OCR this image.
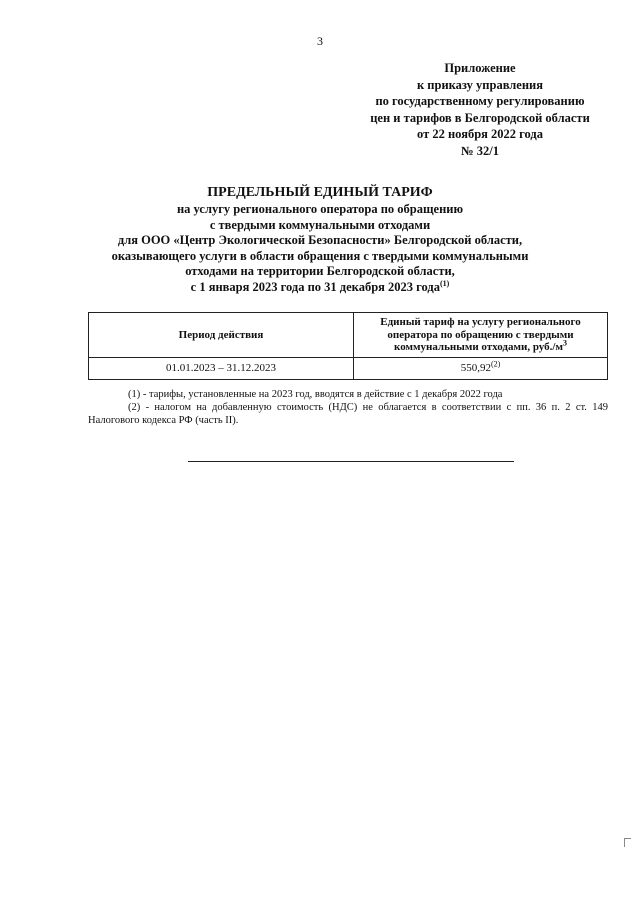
3
Приложение
к приказу управления
по государственному регулированию
цен и тарифов в Белгородской области
от 22 ноября 2022 года
№ 32/1
ПРЕДЕЛЬНЫЙ ЕДИНЫЙ ТАРИФ
на услугу регионального оператора по обращению
с твердыми коммунальными отходами
для ООО «Центр Экологической Безопасности» Белгородской области,
оказывающего услуги в области обращения с твердыми коммунальными
отходами на территории Белгородской области,
с 1 января 2023 года по 31 декабря 2023 года$^{(1)}$
Период действия	Единый тариф на услугу регионального оператора по обращению с твердыми коммунальными отходами, $руб./м^3$
01.01.2023 – 31.12.2023	550,92$^{(2)}$

(1) - тарифы, установленные на 2023 год, вводятся в действие с 1 декабря 2022 года

(2) - налогом на добавленную стоимость (НДС) не облагается в соответствии с пп. 36 п. 2 ст. 149 Налогового кодекса РФ (часть II).
